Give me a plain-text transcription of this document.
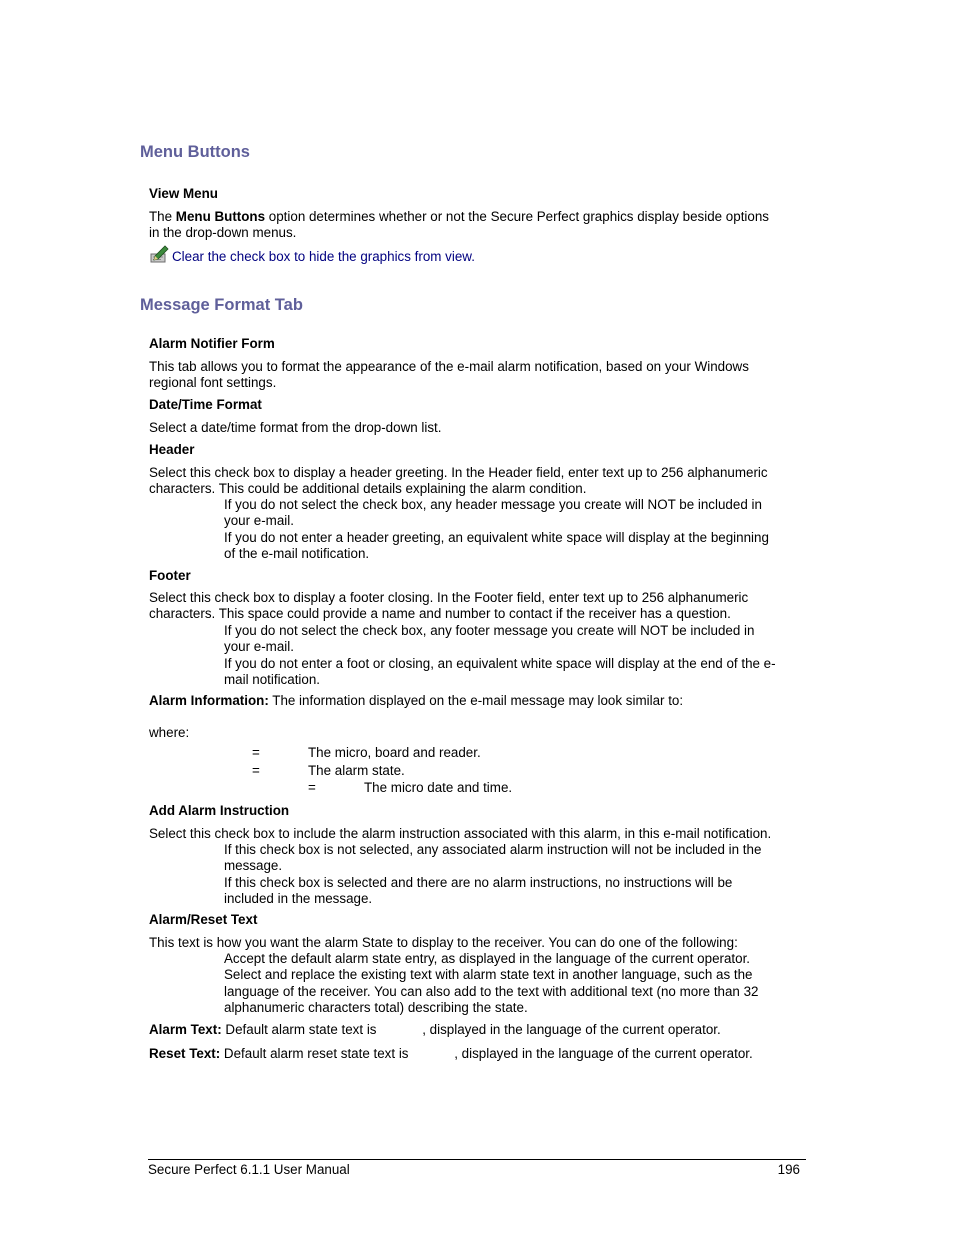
Menu Buttons
View Menu

The Menu Buttons option determines whether or not the Secure Perfect graphics display beside options
in the drop-down menus.

Clear the check box to hide the graphics from view.
Message Format Tab
Alarm Notifier Form

This tab allows you to format the appearance of the e-mail alarm notification, based on your Windows
regional font settings.

Date/Time Format

Select a date/time format from the drop-down list.

Header

Select this check box to display a header greeting. In the Header field, enter text up to 256 alphanumeric
characters. This could be additional details explaining the alarm condition.

If you do not select the check box, any header message you create will NOT be included in
your e-mail.
If you do not enter a header greeting, an equivalent white space will display at the beginning
of the e-mail notification.

Footer

Select this check box to display a footer closing. In the Footer field, enter text up to 256 alphanumeric
characters. This space could provide a name and number to contact if the receiver has a question.

If you do not select the check box, any footer message you create will NOT be included in
your e-mail.
If you do not enter a foot or closing, an equivalent white space will display at the end of the e-
mail notification.

Alarm Information: The information displayed on the e-mail message may look similar to:

where:

=	The micro, board and reader.
=	The alarm state.
=	The micro date and time.
Add Alarm Instruction

Select this check box to include the alarm instruction associated with this alarm, in this e-mail notification.

If this check box is not selected, any associated alarm instruction will not be included in the
message.
If this check box is selected and there are no alarm instructions, no instructions will be
included in the message.

Alarm/Reset Text

This text is how you want the alarm State to display to the receiver. You can do one of the following:

Accept the default alarm state entry, as displayed in the language of the current operator.
Select and replace the existing text with alarm state text in another language, such as the
language of the receiver. You can also add to the text with additional text (no more than 32
alphanumeric characters total) describing the state.

Alarm Text: Default alarm state text is	, displayed in the language of the current operator.

Reset Text: Default alarm reset state text is	, displayed in the language of the current operator.

Secure Perfect 6.1.1 User Manual	196
